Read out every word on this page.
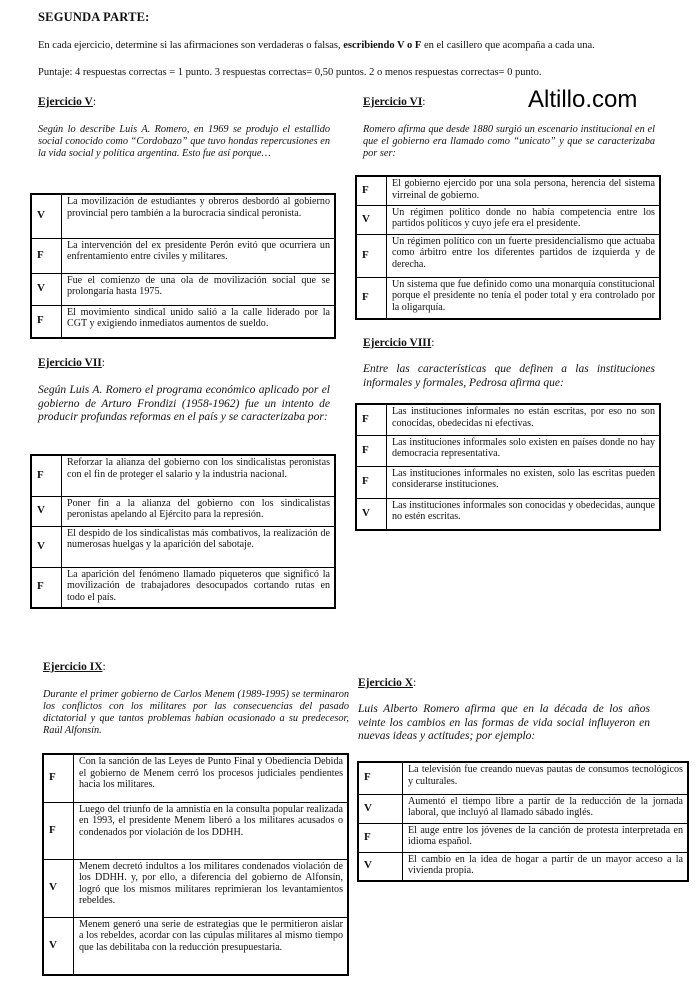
SEGUNDA PARTE:
En cada ejercicio, determine si las afirmaciones son verdaderas o falsas, escribiendo V o F en el casillero que acompaña a cada una.
Puntaje: 4 respuestas correctas = 1 punto. 3 respuestas correctas= 0,50 puntos. 2 o menos respuestas correctas= 0 punto.
Altillo.com
Ejercicio V:
Según lo describe Luis A. Romero, en 1969 se produjo el estallido social conocido como “Cordobazo” que tuvo hondas repercusiones en la vida social y política argentina. Esto fue así porque…
V	La movilización de estudiantes y obreros desbordó al gobierno provincial pero también a la burocracia sindical peronista.
F	La intervención del ex presidente Perón evitó que ocurriera un enfrentamiento entre civiles y militares.
V	Fue el comienzo de una ola de movilización social que se prolongaría hasta 1975.
F	El movimiento sindical unido salió a la calle liderado por la CGT y exigiendo inmediatos aumentos de sueldo.
Ejercicio VI:
Romero afirma que desde 1880 surgió un escenario institucional en el que el gobierno era llamado como “unicato” y que se caracterizaba por ser:
F	El gobierno ejercido por una sola persona, herencia del sistema virreinal de gobierno.
V	Un régimen político donde no había competencia entre los partidos políticos y cuyo jefe era el presidente.
F	Un régimen político con un fuerte presidencialismo que actuaba como árbitro entre los diferentes partidos de izquierda y de derecha.
F	Un sistema que fue definido como una monarquía constitucional porque el presidente no tenía el poder total y era controlado por la oligarquía.
Ejercicio VII:
Según Luis A. Romero el programa económico aplicado por el gobierno de Arturo Frondizi (1958-1962) fue un intento de producir profundas reformas en el país y se caracterizaba por:
F	Reforzar la alianza del gobierno con los sindicalistas peronistas con el fin de proteger el salario y la industria nacional.
V	Poner fin a la alianza del gobierno con los sindicalistas peronistas apelando al Ejército para la represión.
V	El despido de los sindicalistas más combativos, la realización de numerosas huelgas y la aparición del sabotaje.
F	La aparición del fenómeno llamado piqueteros que significó la movilización de trabajadores desocupados cortando rutas en todo el país.
Ejercicio VIII:
Entre las características que definen a las instituciones informales y formales, Pedrosa afirma que:
F	Las instituciones informales no están escritas, por eso no son conocidas, obedecidas ni efectivas.
F	Las instituciones informales solo existen en países donde no hay democracia representativa.
F	Las instituciones informales no existen, solo las escritas pueden considerarse instituciones.
V	Las instituciones informales son conocidas y obedecidas, aunque no estén escritas.
Ejercicio IX:
Durante el primer gobierno de Carlos Menem (1989-1995) se terminaron los conflictos con los militares por las consecuencias del pasado dictatorial y que tantos problemas habían ocasionado a su predecesor, Raúl Alfonsín.
F	Con la sanción de las Leyes de Punto Final y Obediencia Debida el gobierno de Menem cerró los procesos judiciales pendientes hacia los militares.
F	Luego del triunfo de la amnistía en la consulta popular realizada en 1993, el presidente Menem liberó a los militares acusados o condenados por violación de los DDHH.
V	Menem decretó indultos a los militares condenados violación de los DDHH. y, por ello, a diferencia del gobierno de Alfonsín, logró que los mismos militares reprimieran los levantamientos rebeldes.
V	Menem generó una serie de estrategias que le permitieron aislar a los rebeldes, acordar con las cúpulas militares al mismo tiempo que las debilitaba con la reducción presupuestaria.
Ejercicio X:
Luis Alberto Romero afirma que en la década de los años veinte los cambios en las formas de vida social influyeron en nuevas ideas y actitudes; por ejemplo:
F	La televisión fue creando nuevas pautas de consumos tecnológicos y culturales.
V	Aumentó el tiempo libre a partir de la reducción de la jornada laboral, que incluyó al llamado sábado inglés.
F	El auge entre los jóvenes de la canción de protesta interpretada en idioma español.
V	El cambio en la idea de hogar a partir de un mayor acceso a la vivienda propia.
